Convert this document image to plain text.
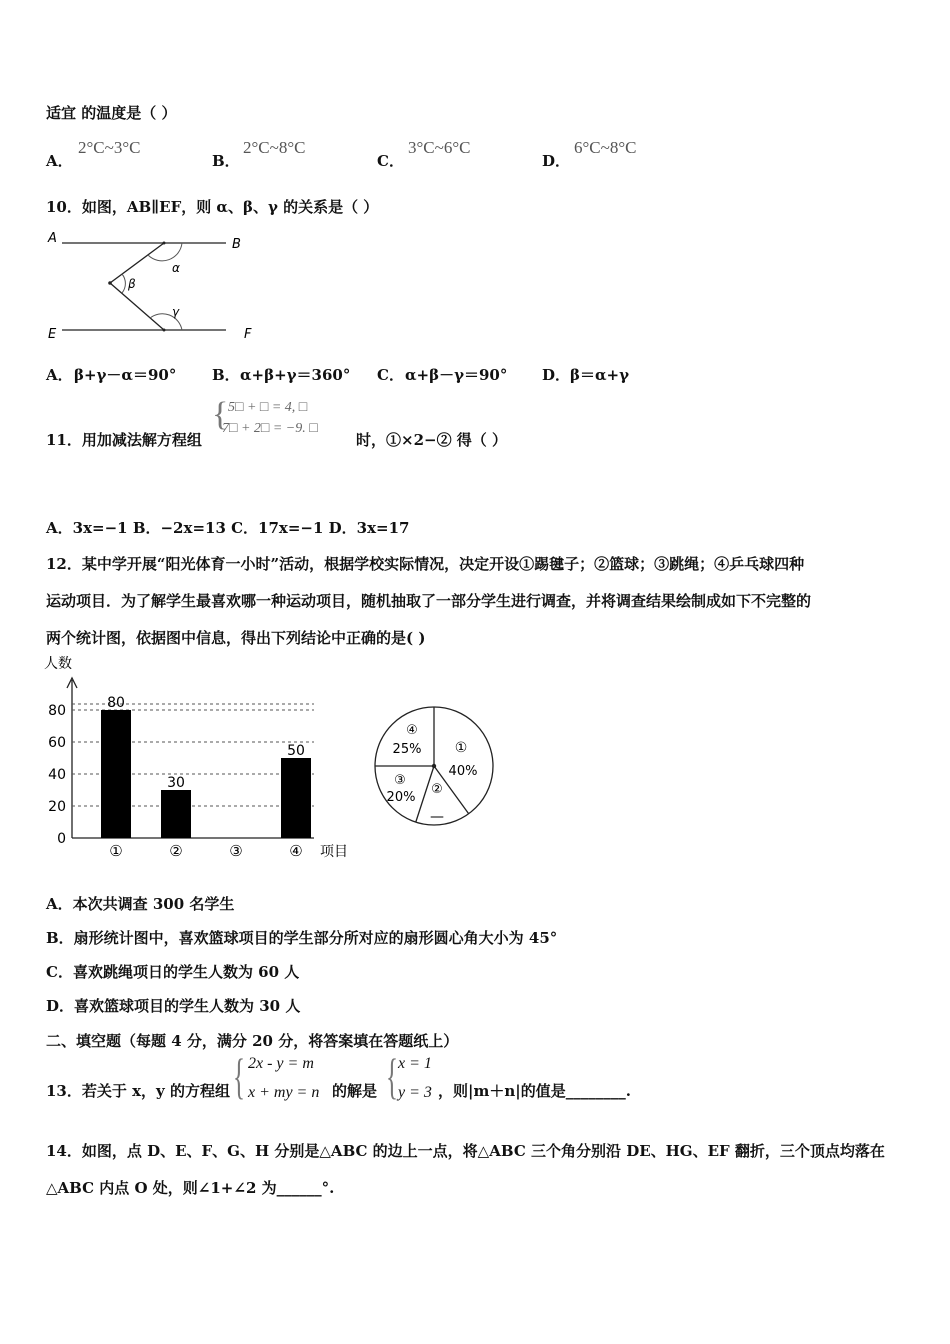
适宜 的温度是（ ）
A．
2°C~3°C
B．
2°C~8°C
C．
3°C~6°C
D．
6°C~8°C
10．如图，AB∥EF，则 α、β、γ 的关系是（ ）
A	B
E	F
α
β
γ
A． β+γ－α＝90° B． α+β+γ＝360° C． α+β－γ＝90° D． β＝α+γ
11．用加减法解方程组
{ 5□ + □ = 4, □
7□ + 2□ = −9. □
时，①×2−② 得（ ）
A．3x=−1 B．−2x=13 C．17x=−1 D．3x=17
12．某中学开展“阳光体育一小时”活动，根据学校实际情况，决定开设①踢毽子；②篮球；③跳绳；④乒乓球四种
运动项目．为了解学生最喜欢哪一种运动项目，随机抽取了一部分学生进行调查，并将调查结果绘制成如下不完整的
两个统计图，依据图中信息，得出下列结论中正确的是( )
人数
0
20
40
60
80	80
30
50
①	②	③	④ 项目
④
25% ①
40%
③
20%
②
—
A．本次共调查 300 名学生
B．扇形统计图中，喜欢篮球项目的学生部分所对应的扇形圆心角大小为 45°
C．喜欢跳绳项日的学生人数为 60 人
D．喜欢篮球项目的学生人数为 30 人
二、填空题（每题 4 分，满分 20 分，将答案填在答题纸上）
13．若关于 x，y 的方程组 { 2x - y = m
x + my = n 的解是 { x = 1
y = 3 ，则|m＋n|的值是________.
14．如图，点 D、E、F、G、H 分别是△ABC 的边上一点，将△ABC 三个角分别沿 DE、HG、EF 翻折，三个顶点均落在
△ABC 内点 O 处，则∠1+∠2 为______°.
